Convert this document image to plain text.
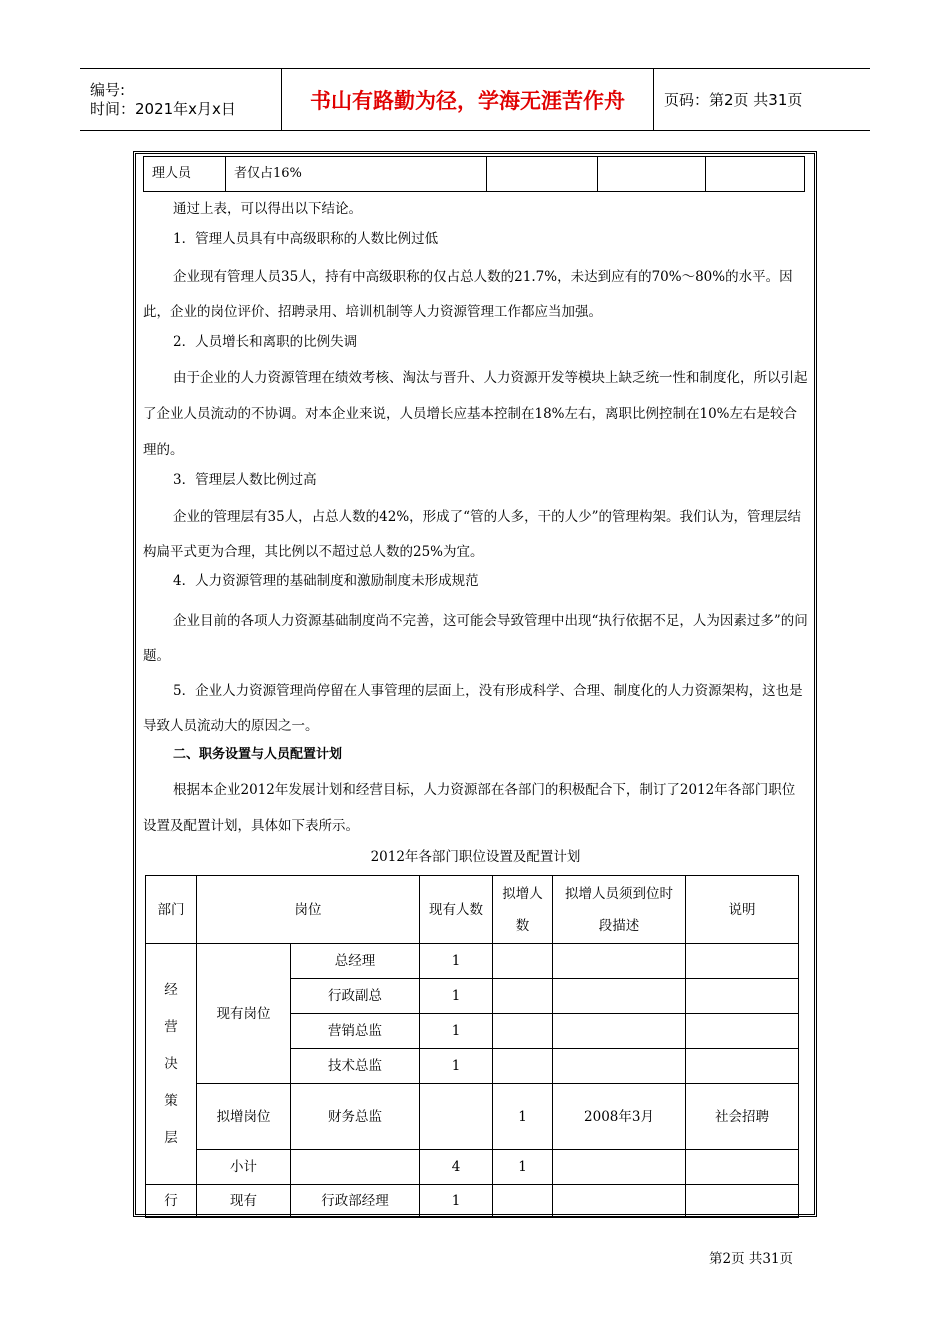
编号:
时间：2021年x月x日	书山有路勤为径，学海无涯苦作舟	页码：第2页 共31页
理人员	者仅占16%			

通过上表，可以得出以下结论。

1．管理人员具有中高级职称的人数比例过低

企业现有管理人员35人，持有中高级职称的仅占总人数的21.7%，未达到应有的70%～80%的水平。因此，企业的岗位评价、招聘录用、培训机制等人力资源管理工作都应当加强。

2．人员增长和离职的比例失调

由于企业的人力资源管理在绩效考核、淘汰与晋升、人力资源开发等模块上缺乏统一性和制度化，所以引起了企业人员流动的不协调。对本企业来说，人员增长应基本控制在18%左右，离职比例控制在10%左右是较合理的。

3．管理层人数比例过高

企业的管理层有35人，占总人数的42%，形成了“管的人多，干的人少”的管理构架。我们认为，管理层结构扁平式更为合理，其比例以不超过总人数的25%为宜。

4．人力资源管理的基础制度和激励制度未形成规范

企业目前的各项人力资源基础制度尚不完善，这可能会导致管理中出现“执行依据不足，人为因素过多”的问题。

5．企业人力资源管理尚停留在人事管理的层面上，没有形成科学、合理、制度化的人力资源架构，这也是导致人员流动大的原因之一。

二、职务设置与人员配置计划

根据本企业2012年发展计划和经营目标，人力资源部在各部门的积极配合下，制订了2012年各部门职位设置及配置计划，具体如下表所示。

2012年各部门职位设置及配置计划
部门	岗位		现有人数	拟增人数	拟增人员须到位时段描述	说明
经营决策层	现有岗位	总经理	1			
		行政副总	1			
		营销总监	1			
		技术总监	1			
	拟增岗位	财务总监		1	2008年3月	社会招聘
	小计		4	1		
行	现有	行政部经理	1			
第2页 共31页
